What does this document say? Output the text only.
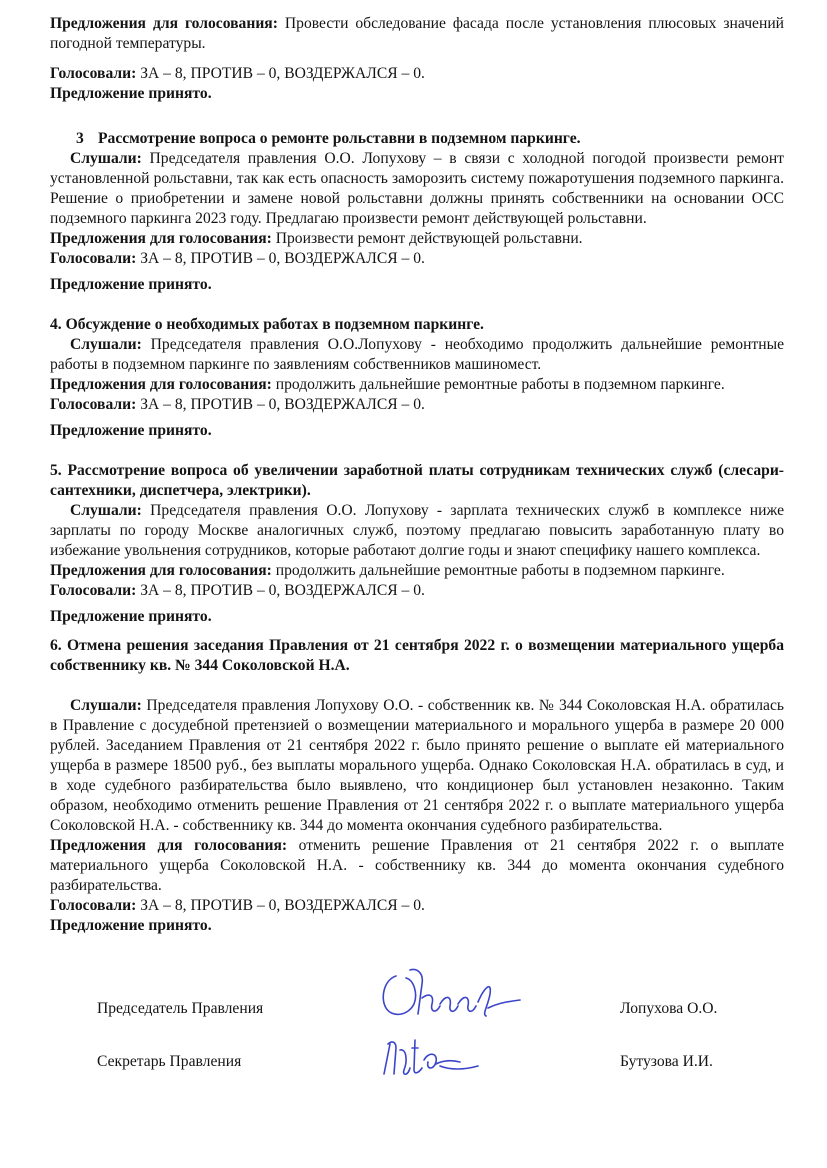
Предложения для голосования: Провести обследование фасада после установления плюсовых значений погодной температуры.

Голосовали: ЗА – 8, ПРОТИВ – 0, ВОЗДЕРЖАЛСЯ – 0.

Предложение принято.

3 Рассмотрение вопроса о ремонте рольставни в подземном паркинге.

Слушали: Председателя правления О.О. Лопухову – в связи с холодной погодой произвести ремонт установленной рольставни, так как есть опасность заморозить систему пожаротушения подземного паркинга. Решение о приобретении и замене новой рольставни должны принять собственники на основании ОСС подземного паркинга 2023 году. Предлагаю произвести ремонт действующей рольставни.

Предложения для голосования: Произвести ремонт действующей рольставни.

Голосовали: ЗА – 8, ПРОТИВ – 0, ВОЗДЕРЖАЛСЯ – 0.

Предложение принято.

4. Обсуждение о необходимых работах в подземном паркинге.

Слушали: Председателя правления О.О.Лопухову - необходимо продолжить дальнейшие ремонтные работы в подземном паркинге по заявлениям собственников машиномест.

Предложения для голосования: продолжить дальнейшие ремонтные работы в подземном паркинге.

Голосовали: ЗА – 8, ПРОТИВ – 0, ВОЗДЕРЖАЛСЯ – 0.

Предложение принято.

5. Рассмотрение вопроса об увеличении заработной платы сотрудникам технических служб (слесари-сантехники, диспетчера, электрики).

Слушали: Председателя правления О.О. Лопухову - зарплата технических служб в комплексе ниже зарплаты по городу Москве аналогичных служб, поэтому предлагаю повысить заработанную плату во избежание увольнения сотрудников, которые работают долгие годы и знают специфику нашего комплекса.

Предложения для голосования: продолжить дальнейшие ремонтные работы в подземном паркинге.

Голосовали: ЗА – 8, ПРОТИВ – 0, ВОЗДЕРЖАЛСЯ – 0.

Предложение принято.

6. Отмена решения заседания Правления от 21 сентября 2022 г. о возмещении материального ущерба собственнику кв. № 344 Соколовской Н.А.

Слушали: Председателя правления Лопухову О.О. - собственник кв. № 344 Соколовская Н.А. обратилась в Правление с досудебной претензией о возмещении материального и морального ущерба в размере 20 000 рублей. Заседанием Правления от 21 сентября 2022 г. было принято решение о выплате ей материального ущерба в размере 18500 руб., без выплаты морального ущерба. Однако Соколовская Н.А. обратилась в суд, и в ходе судебного разбирательства было выявлено, что кондиционер был установлен незаконно. Таким образом, необходимо отменить решение Правления от 21 сентября 2022 г. о выплате материального ущерба Соколовской Н.А. - собственнику кв. 344 до момента окончания судебного разбирательства.

Предложения для голосования: отменить решение Правления от 21 сентября 2022 г. о выплате материального ущерба Соколовской Н.А. - собственнику кв. 344 до момента окончания судебного разбирательства.

Голосовали: ЗА – 8, ПРОТИВ – 0, ВОЗДЕРЖАЛСЯ – 0.

Предложение принято.

Председатель Правления	Лопухова О.О.
Секретарь Правления	Бутузова И.И.
